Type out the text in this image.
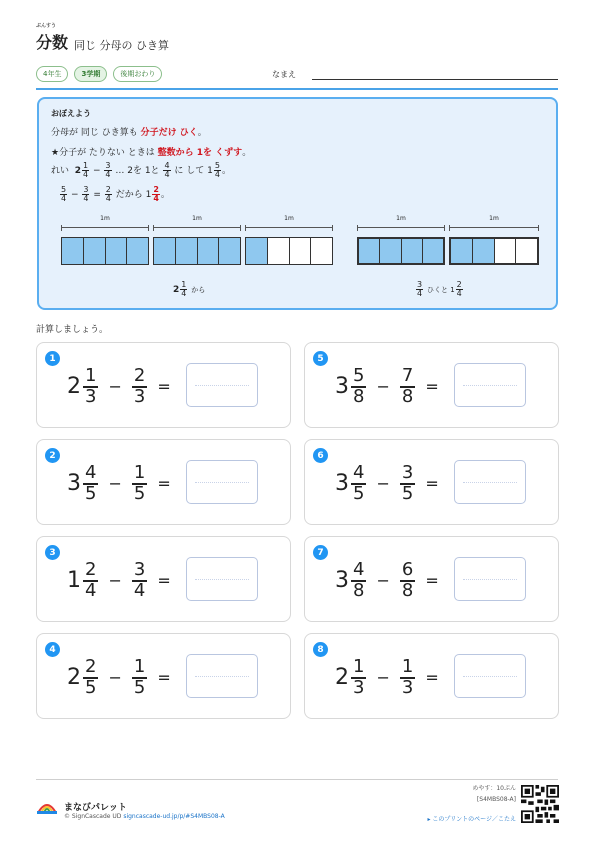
ぶんすう
分数 同じ 分母の ひき算
4年生	3学期	後期おわり	なまえ
おぼえよう
分母が 同じ ひき算も 分子だけ ひく。
★分子が たりない ときは 整数から 1を くずす。
れい $2 \frac{1}{4} - \frac{3}{4}$ … 2を 1と $\frac{4}{4}$ に して $1 \frac{5}{4}$ 。
$\frac{5}{4} - \frac{3}{4} = \frac{2}{4}$ だから $1 \frac{2}{4}$ 。
1m	1m	1m	1m	1m
$2 \frac{1}{4}$ から	$\frac{3}{4}$ ひくと $1 \frac{2}{4}$
計算しましょう。
1
$2 \frac{1}{3} - \frac{2}{3}$ =
2
$3 \frac{4}{5} - \frac{1}{5}$ =
3
$1 \frac{2}{4} - \frac{3}{4}$ =
4
$2 \frac{2}{5} - \frac{1}{5}$ =
5
$3 \frac{5}{8} - \frac{7}{8}$ =
6
$3 \frac{4}{5} - \frac{3}{5}$ =
7
$3 \frac{4}{8} - \frac{6}{8}$ =
8
$2 \frac{1}{3} - \frac{1}{3}$ =
まなびパレット
© SignCascade UD signcascade-ud.jp/p/#S4MBS08-A
めやす：10ぷん
[S4MBS08-A]
▸ このプリントのページ／こたえ
